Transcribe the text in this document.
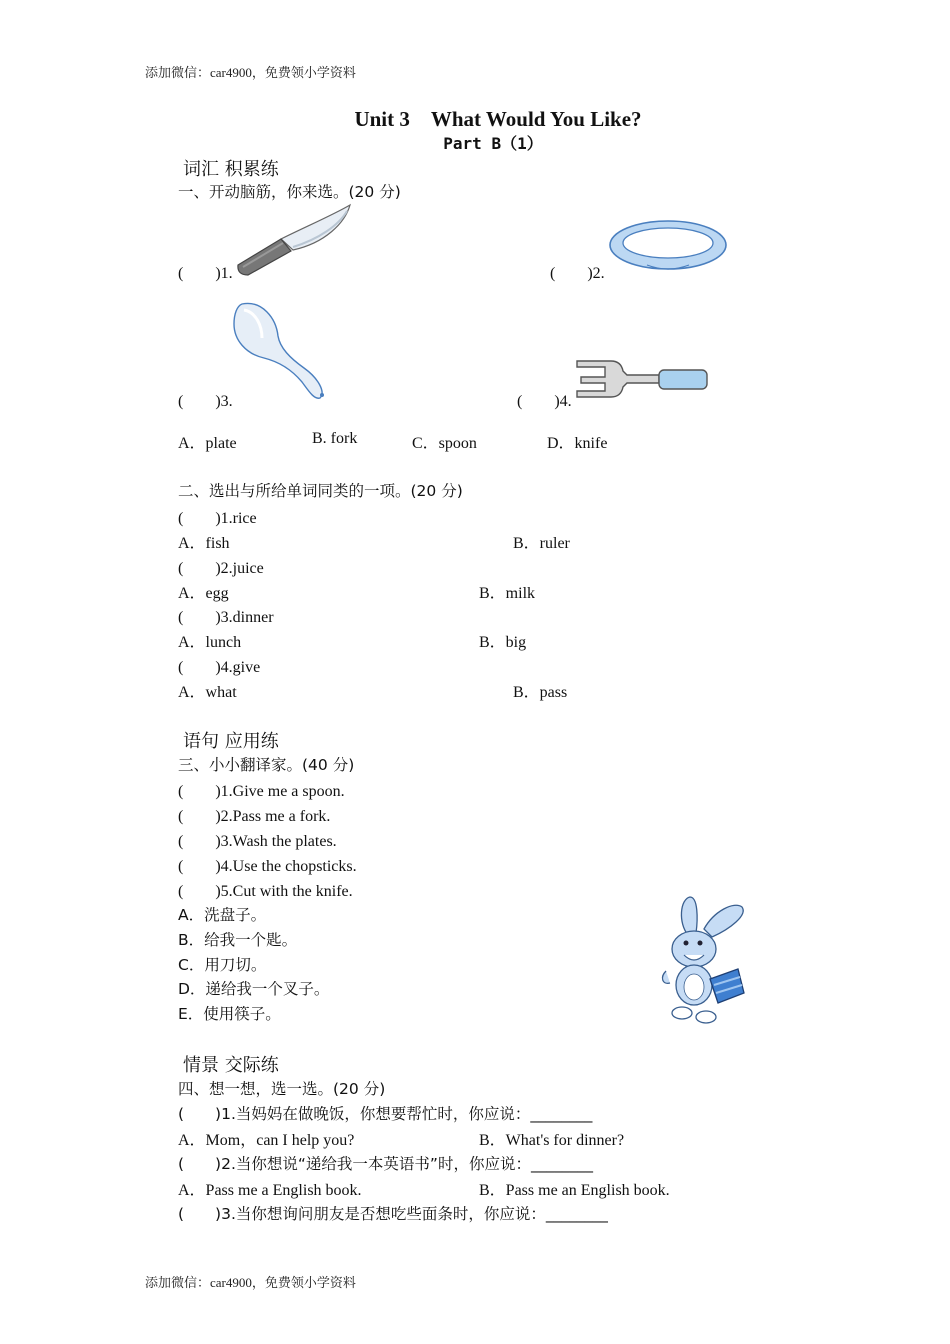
添加微信：car4900，免费领小学资料
Unit 3　What Would You Like?
Part B（1）
词汇 积累练
一、开动脑筋，你来选。(20 分)
(　　)1.	(　　)2.
(　　)3.	(　　)4.
A．plate	B. fork	C．spoon	D．knife
二、选出与所给单词同类的一项。(20 分)
(　　)1.rice
A．fish	B．ruler
(　　)2.juice
A．egg	B．milk
(　　)3.dinner
A．lunch	B．big
(　　)4.give
A．what	B．pass
语句 应用练
三、小小翻译家。(40 分)
(　　)1.Give me a spoon.
(　　)2.Pass me a fork.
(　　)3.Wash the plates.
(　　)4.Use the chopsticks.
(　　)5.Cut with the knife.
A．洗盘子。
B．给我一个匙。
C．用刀切。
D．递给我一个叉子。
E．使用筷子。
情景 交际练
四、想一想，选一选。(20 分)
(　　)1.当妈妈在做晚饭，你想要帮忙时，你应说：________
A．Mom，can I help you?	B．What's for dinner?
(　　)2.当你想说“递给我一本英语书”时，你应说：________
A．Pass me a English book.	B．Pass me an English book.
(　　)3.当你想询问朋友是否想吃些面条时，你应说：________
添加微信：car4900，免费领小学资料
